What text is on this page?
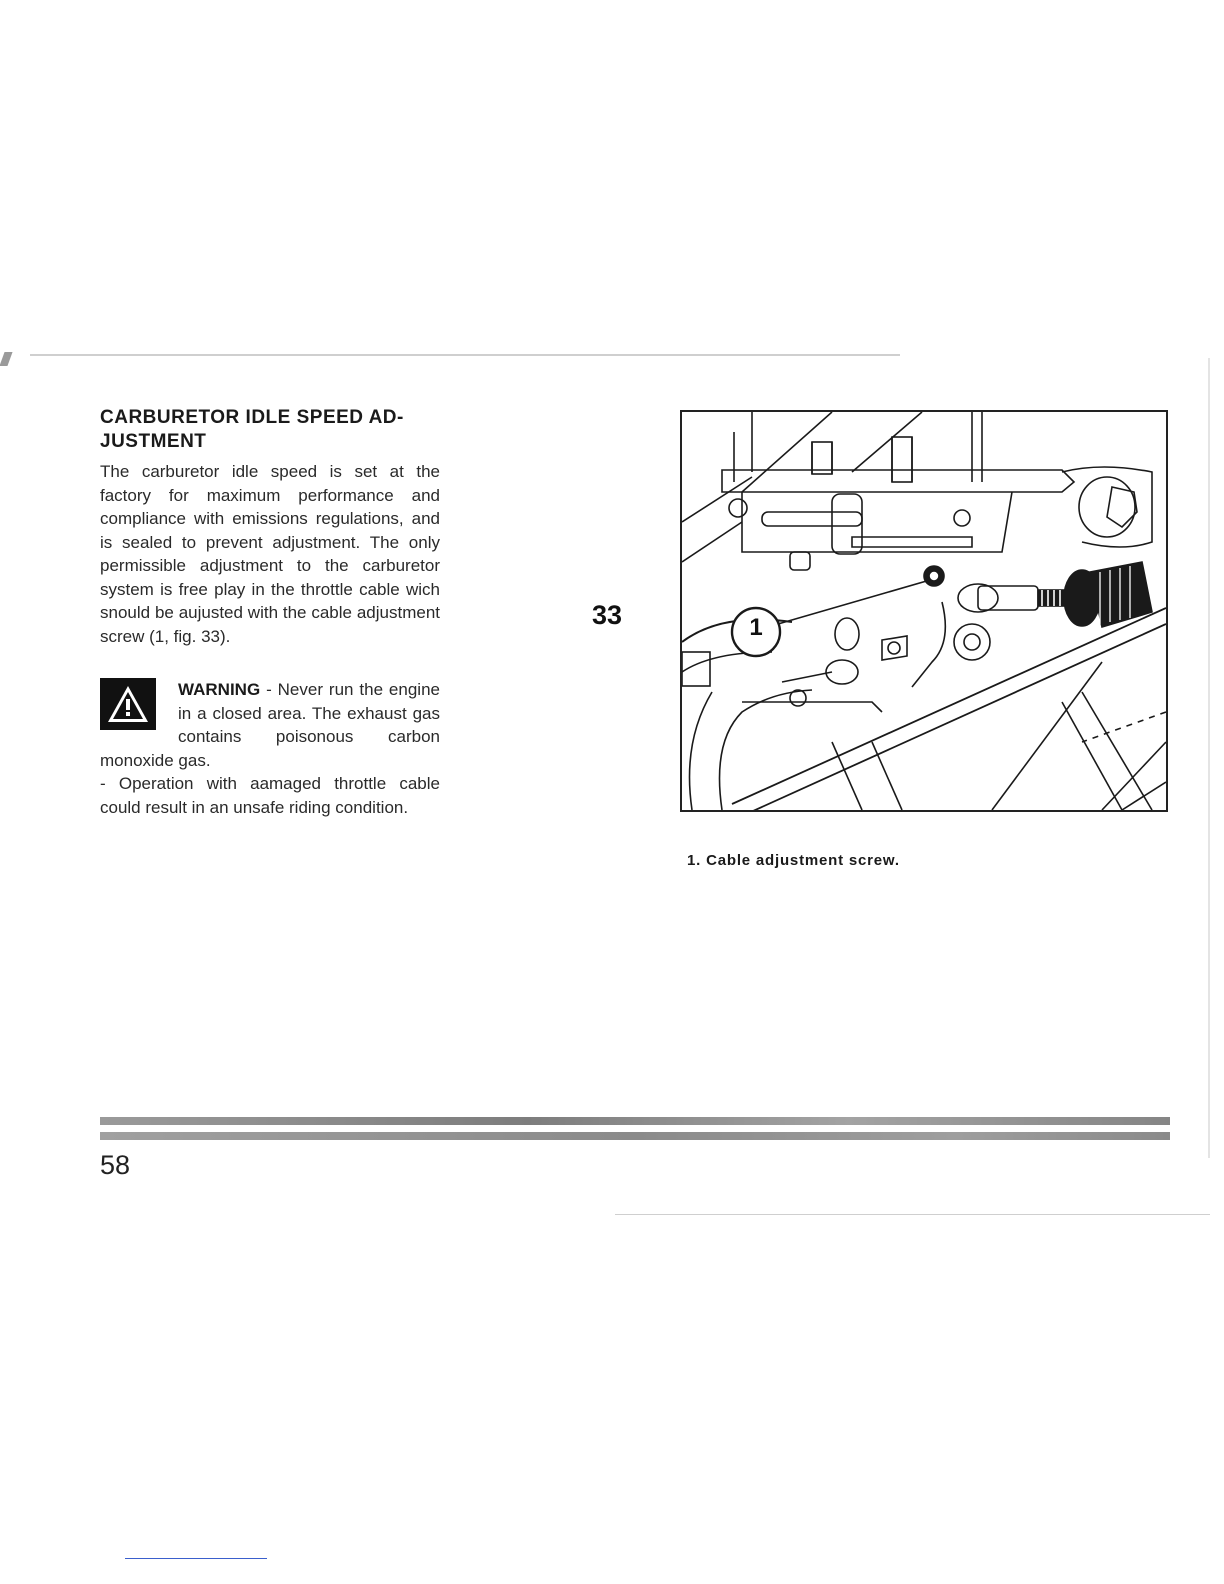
CARBURETOR IDLE SPEED AD-
JUSTMENT

The carburetor idle speed is set at the factory for maximum performance and compliance with emissions regulations, and is sealed to prevent adjustment. The only permissible adjustment to the carburetor system is free play in the throttle cable wich snould be aujusted with the cable adjustment screw (1, fig. 33).

WARNING - Never run the engine in a closed area. The exhaust gas contains poisonous carbon monoxide gas.

- Operation with aamaged throttle cable could result in an unsafe riding condition.

33	1
1. Cable adjustment screw.
58
